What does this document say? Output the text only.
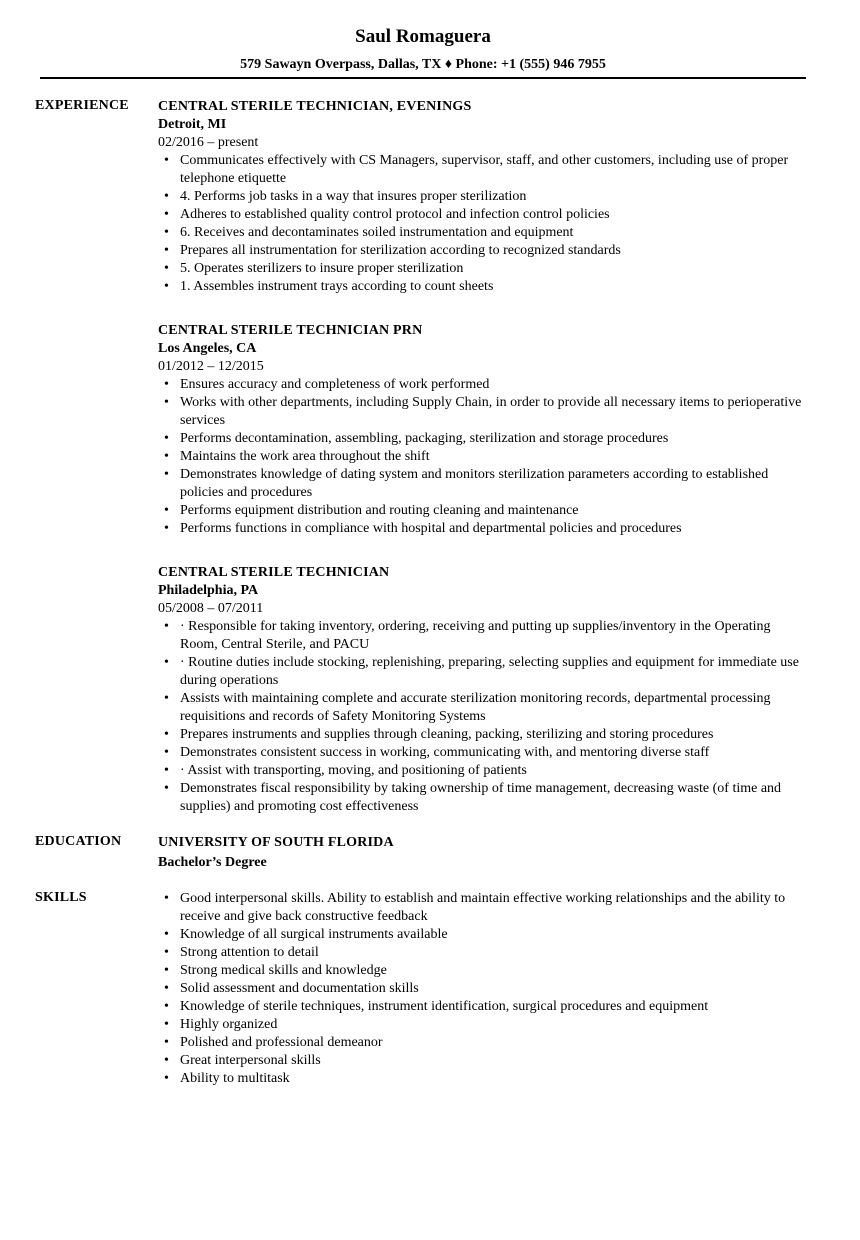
Saul Romaguera
579 Sawayn Overpass, Dallas, TX ♦ Phone: +1 (555) 946 7955
EXPERIENCE CENTRAL STERILE TECHNICIAN, EVENINGS
Detroit, MI
02/2016 – present
• Communicates effectively with CS Managers, supervisor, staff, and other customers, including use of proper telephone etiquette
• 4. Performs job tasks in a way that insures proper sterilization
• Adheres to established quality control protocol and infection control policies
• 6. Receives and decontaminates soiled instrumentation and equipment
• Prepares all instrumentation for sterilization according to recognized standards
• 5. Operates sterilizers to insure proper sterilization
• 1. Assembles instrument trays according to count sheets
CENTRAL STERILE TECHNICIAN PRN
Los Angeles, CA
01/2012 – 12/2015
• Ensures accuracy and completeness of work performed
• Works with other departments, including Supply Chain, in order to provide all necessary items to perioperative services
• Performs decontamination, assembling, packaging, sterilization and storage procedures
• Maintains the work area throughout the shift
• Demonstrates knowledge of dating system and monitors sterilization parameters according to established policies and procedures
• Performs equipment distribution and routing cleaning and maintenance
• Performs functions in compliance with hospital and departmental policies and procedures
CENTRAL STERILE TECHNICIAN
Philadelphia, PA
05/2008 – 07/2011
• · Responsible for taking inventory, ordering, receiving and putting up supplies/inventory in the Operating Room, Central Sterile, and PACU
• · Routine duties include stocking, replenishing, preparing, selecting supplies and equipment for immediate use during operations
• Assists with maintaining complete and accurate sterilization monitoring records, departmental processing requisitions and records of Safety Monitoring Systems
• Prepares instruments and supplies through cleaning, packing, sterilizing and storing procedures
• Demonstrates consistent success in working, communicating with, and mentoring diverse staff
• · Assist with transporting, moving, and positioning of patients
• Demonstrates fiscal responsibility by taking ownership of time management, decreasing waste (of time and supplies) and promoting cost effectiveness
EDUCATION	UNIVERSITY OF SOUTH FLORIDA
Bachelor’s Degree
SKILLS
•	Good interpersonal skills. Ability to establish and maintain effective working relationships and the ability to receive and give back constructive feedback
• Knowledge of all surgical instruments available
• Strong attention to detail
• Strong medical skills and knowledge
• Solid assessment and documentation skills
• Knowledge of sterile techniques, instrument identification, surgical procedures and equipment
• Highly organized
• Polished and professional demeanor
• Great interpersonal skills
• Ability to multitask
